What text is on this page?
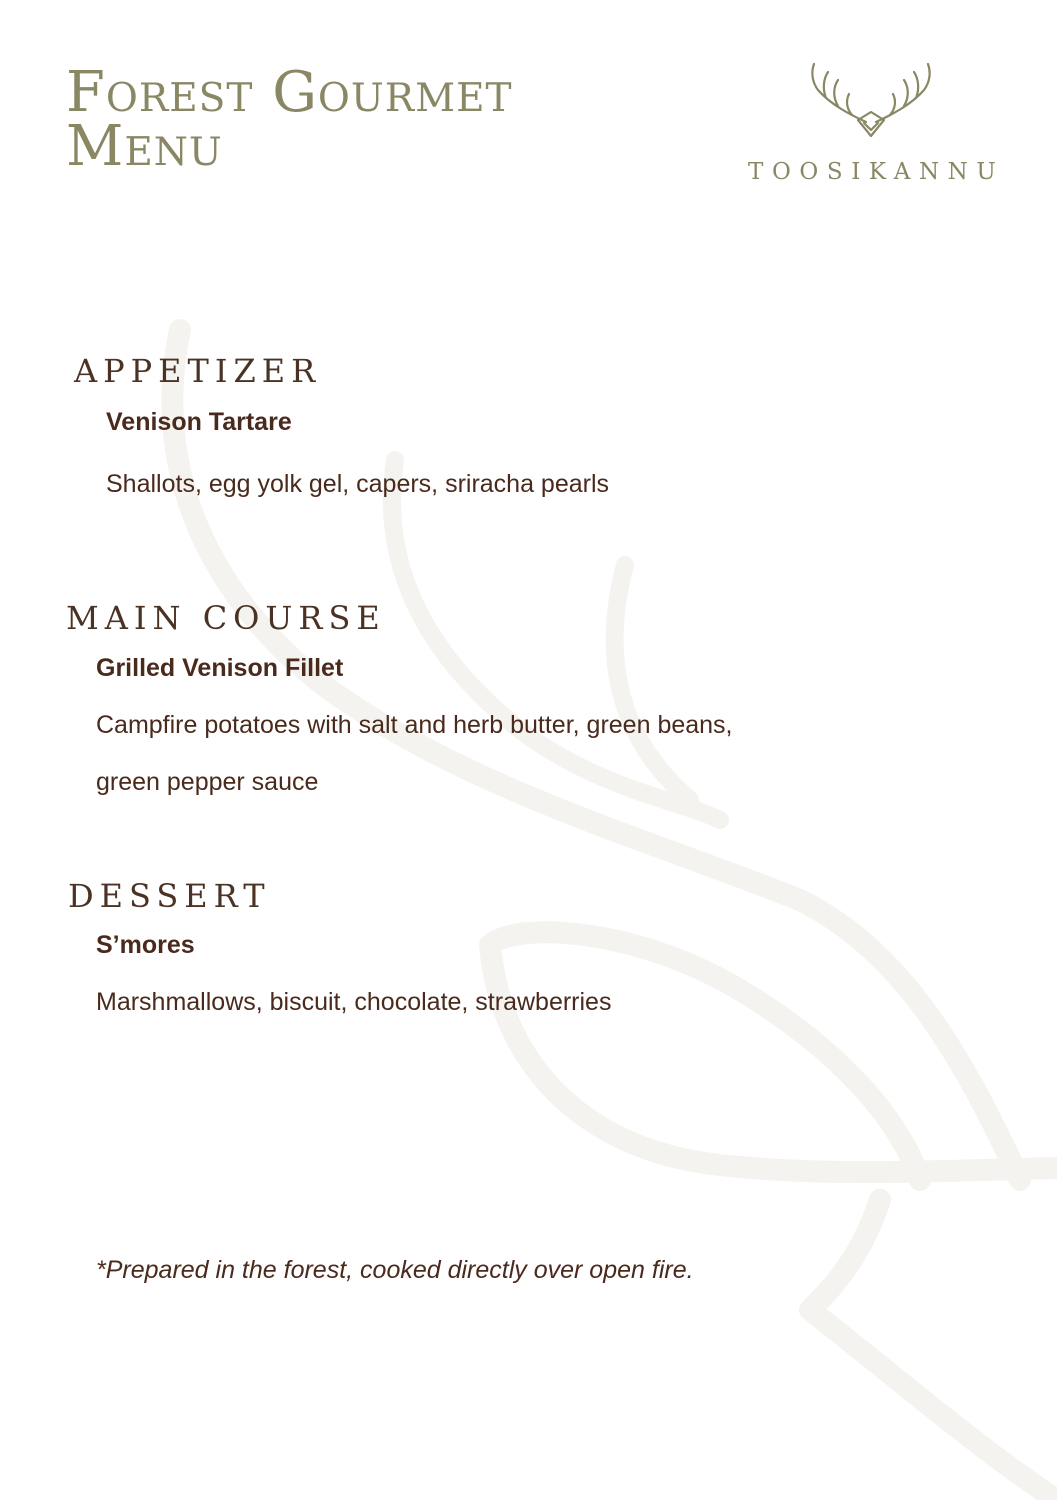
Forest Gourmet
Menu	TOOSIKANNU
APPETIZER

Venison Tartare

Shallots, egg yolk gel, capers, sriracha pearls

MAIN COURSE

Grilled Venison Fillet

Campfire potatoes with salt and herb butter, green beans,

green pepper sauce

DESSERT

S’mores

Marshmallows, biscuit, chocolate, strawberries

*Prepared in the forest, cooked directly over open fire.
